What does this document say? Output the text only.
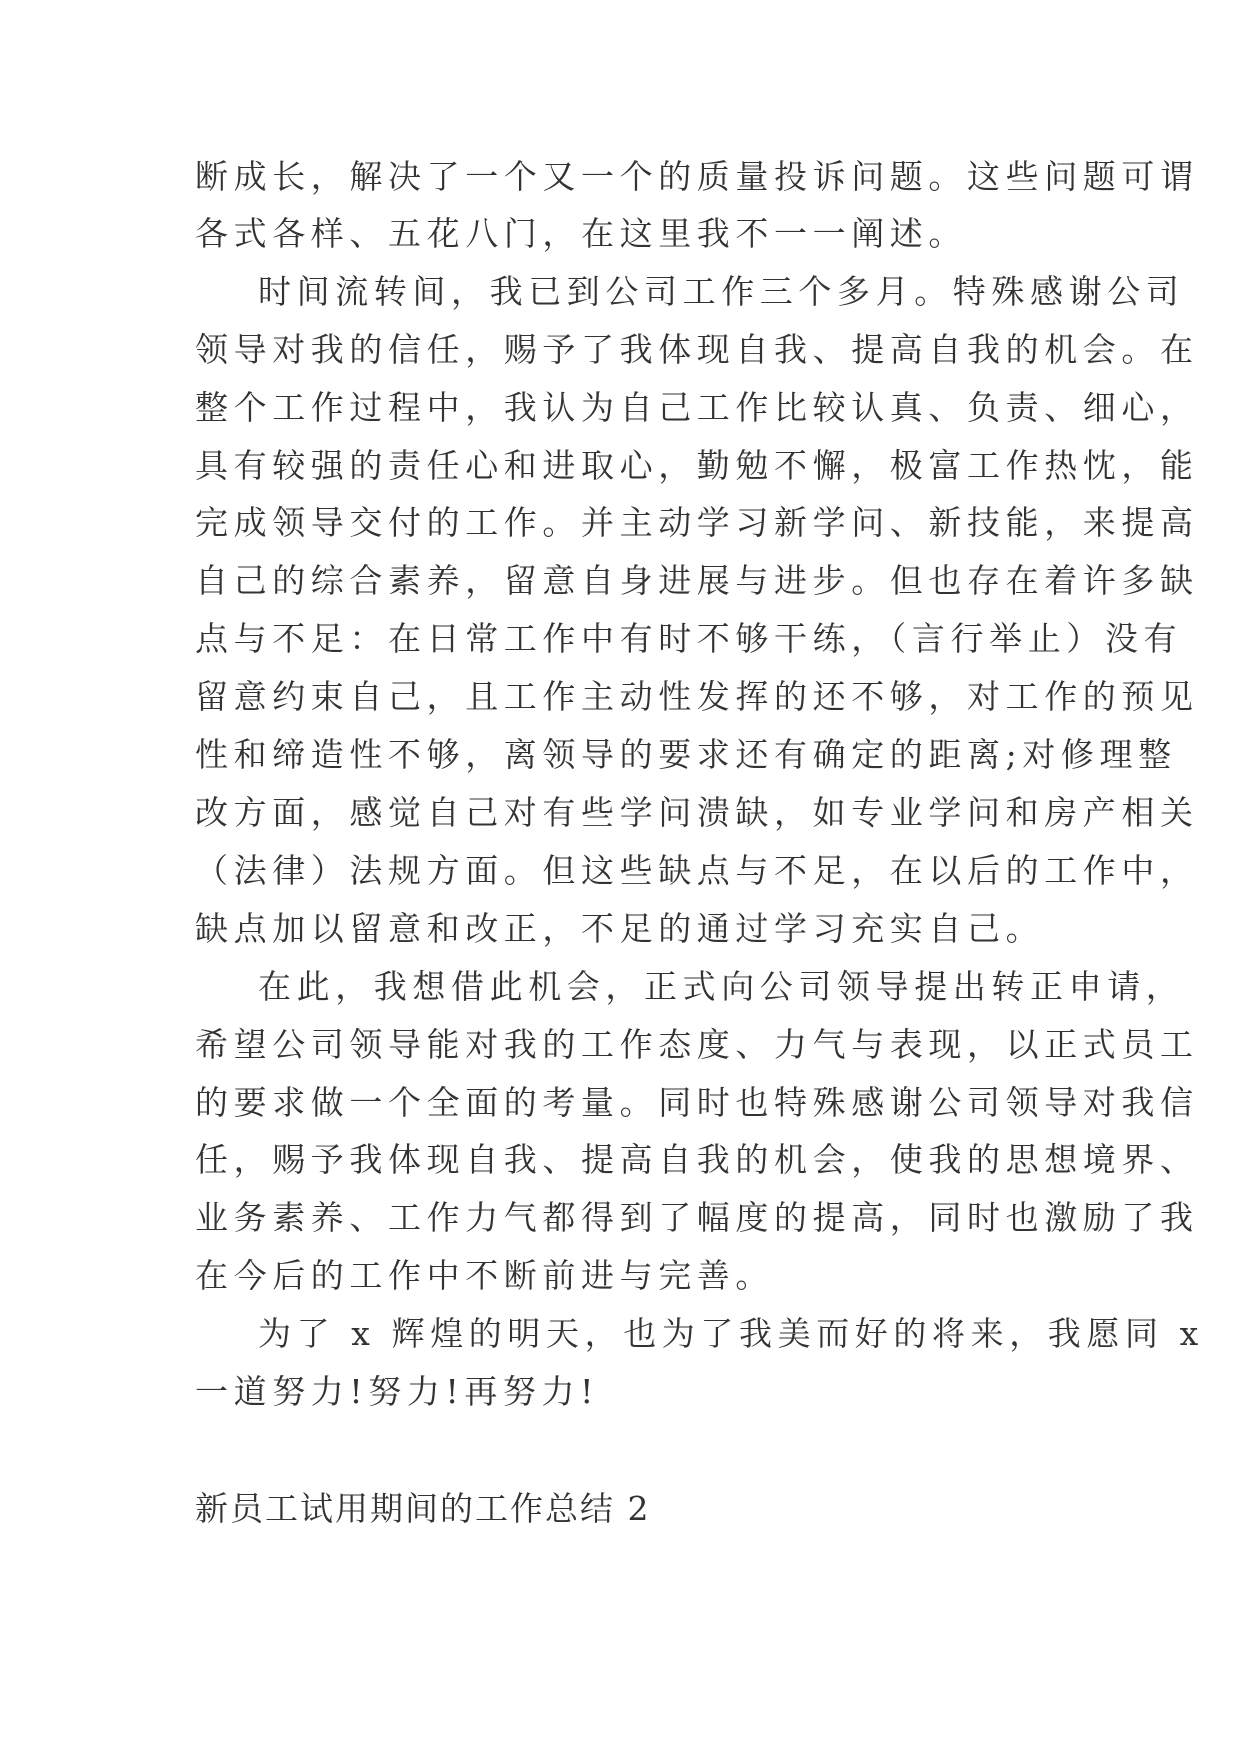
断成长，解决了一个又一个的质量投诉问题。这些问题可谓
各式各样、五花八门，在这里我不一一阐述。
时间流转间，我已到公司工作三个多月。特殊感谢公司
领导对我的信任，赐予了我体现自我、提高自我的机会。在
整个工作过程中，我认为自己工作比较认真、负责、细心，
具有较强的责任心和进取心，勤勉不懈，极富工作热忱，能
完成领导交付的工作。并主动学习新学问、新技能，来提高
自己的综合素养，留意自身进展与进步。但也存在着许多缺
点与不足：在日常工作中有时不够干练，（言行举止）没有
留意约束自己，且工作主动性发挥的还不够，对工作的预见
性和缔造性不够，离领导的要求还有确定的距离;对修理整
改方面，感觉自己对有些学问溃缺，如专业学问和房产相关
（法律）法规方面。但这些缺点与不足，在以后的工作中，
缺点加以留意和改正，不足的通过学习充实自己。
在此，我想借此机会，正式向公司领导提出转正申请，
希望公司领导能对我的工作态度、力气与表现，以正式员工
的要求做一个全面的考量。同时也特殊感谢公司领导对我信
任，赐予我体现自我、提高自我的机会，使我的思想境界、
业务素养、工作力气都得到了幅度的提高，同时也激励了我
在今后的工作中不断前进与完善。
为了 x 辉煌的明天，也为了我美而好的将来，我愿同 x
一道努力!努力!再努力!
新员工试用期间的工作总结 2
